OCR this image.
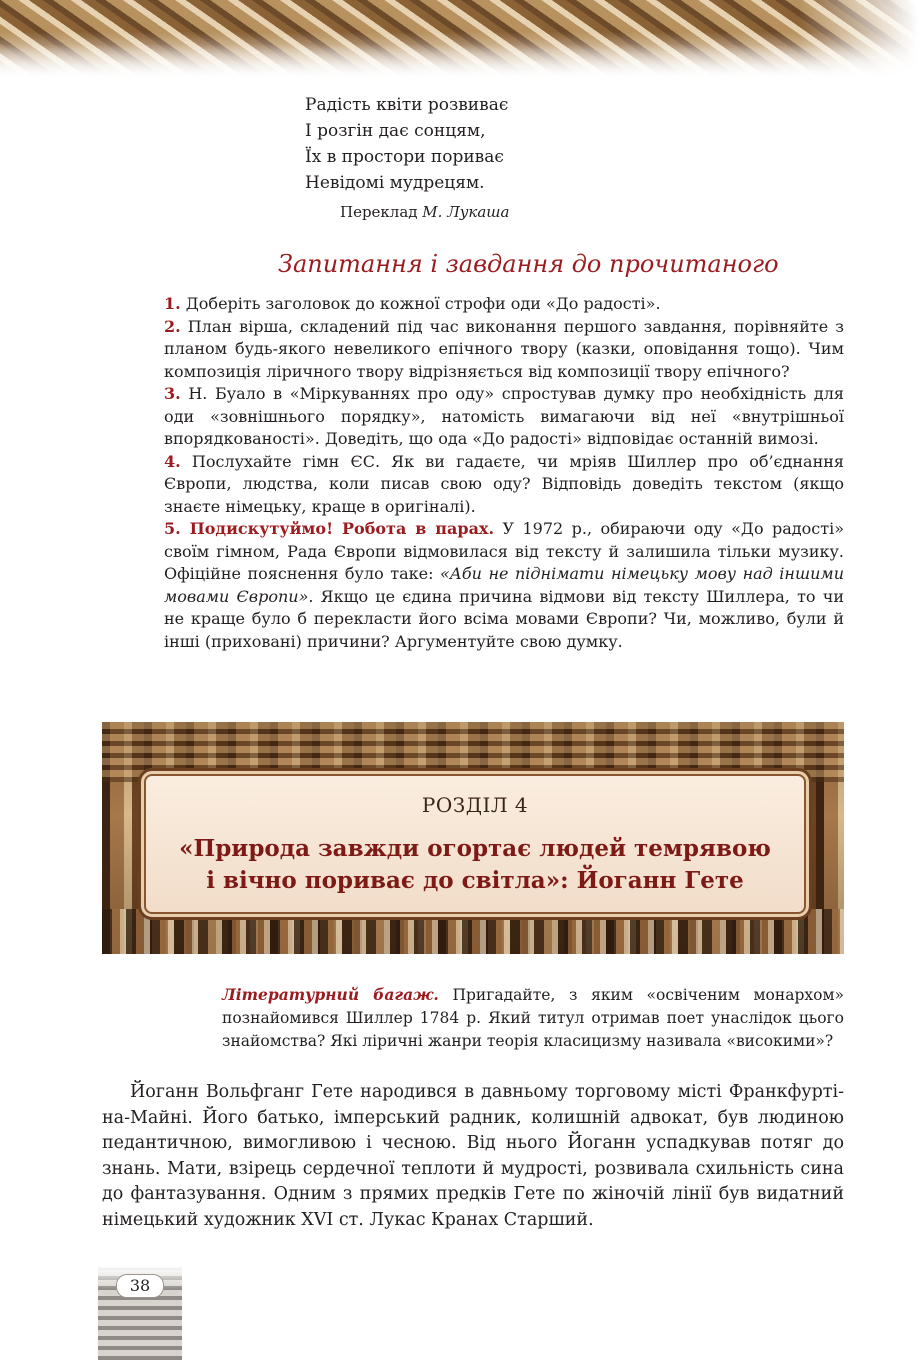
Радість квіти розвиває
І розгін дає сонцям,
Їх в простори пориває
Невідомі мудрецям.
Переклад М. Лукаша
Запитання і завдання до прочитаного

1. Доберіть заголовок до кожної строфи оди «До радості».

2. План вірша, складений під час виконання першого завдання, порівняйте з планом будь-якого невеликого епічного твору (казки, оповідання тощо). Чим композиція ліричного твору відрізняється від композиції твору епічного?

3. Н. Буало в «Міркуваннях про оду» спростував думку про необхідність для оди «зовнішнього порядку», натомість вимагаючи від неї «внутрішньої впорядкованості». Доведіть, що ода «До радості» відповідає останній вимозі.

4. Послухайте гімн ЄС. Як ви гадаєте, чи мріяв Шиллер про об’єднання Європи, людства, коли писав свою оду? Відповідь доведіть текстом (якщо знаєте німецьку, краще в оригіналі).

5. Подискутуймо! Робота в парах. У 1972 р., обираючи оду «До радості» своїм гімном, Рада Європи відмовилася від тексту й залишила тільки музику. Офіційне пояснення було таке: «Аби не піднімати німецьку мову над іншими мовами Європи». Якщо це єдина причина відмови від тексту Шиллера, то чи не краще було б перекласти його всіма мовами Європи? Чи, можливо, були й інші (приховані) причини? Аргументуйте свою думку.

РОЗДІЛ 4
«Природа завжди огортає людей темрявою
і вічно пориває до світла»: Йоганн Гете
Літературний багаж. Пригадайте, з яким «освіченим монархом» познайомився Шиллер 1784 р. Який титул отримав поет унаслідок цього знайомства? Які ліричні жанри теорія класицизму називала «високими»?
Йоганн Вольфганг Гете народився в давньому торговому місті Франкфурті-на-Майні. Його батько, імперський радник, колишній адвокат, був людиною педантичною, вимогливою і чесною. Від нього Йоганн успадкував потяг до знань. Мати, взірець сердечної теплоти й мудрості, розвивала схильність сина до фантазування. Одним з прямих предків Гете по жіночій лінії був видатний німецький художник XVI ст. Лукас Кранах Старший.
38
